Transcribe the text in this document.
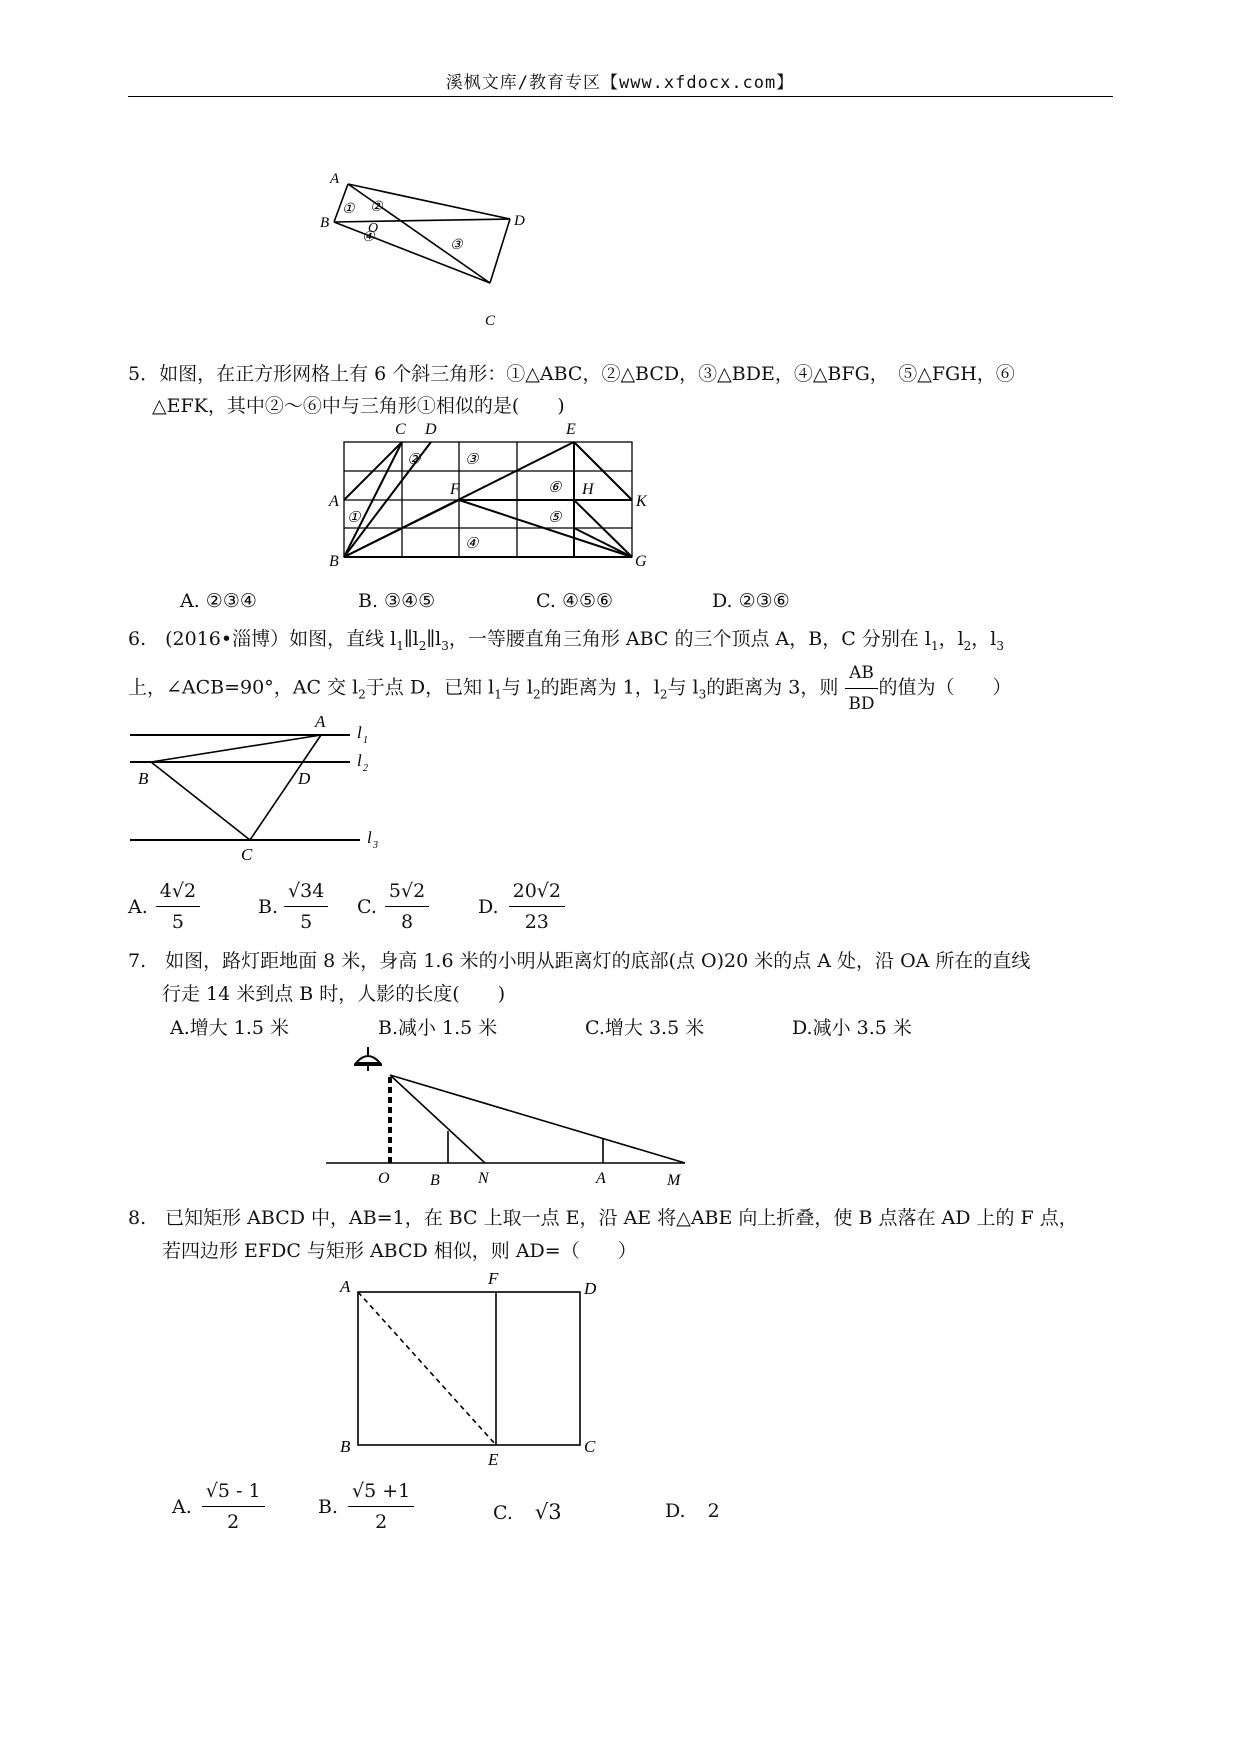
溪枫文库/教育专区【www.xfdocx.com】
A
B
C
D
O
① ②
③
④
5．如图，在正方形网格上有 6 个斜三角形：①△ABC，②△BCD，③△BDE，④△BFG，　⑤△FGH，⑥
△EFK，其中②～⑥中与三角形①相似的是(　　)
C D	E
A
B
F
G
H
K
①
②	③
④
⑤
⑥
A. ②③④	B. ③④⑤	C. ④⑤⑥	D. ②③⑥
6.　(2016•淄博）如图，直线 $l_1\parallel l_2\parallel l_3$，一等腰直角三角形 ABC 的三个顶点 A，B，C 分别在 $l_1$，$l_2$，$l_3$
上，∠ACB=90°，AC 交 $l_2$于点 D，已知 $l_1$与 $l_2$的距离为 1，$l_2$与 $l_3$的距离为 3，则 $\frac{AB}{BD}$ 的值为（　　）
A
B
C
D
l 1
l 2
l 3
A. $\frac{4√2}{5}$	B. $\frac{√34}{5} C$. $\frac{5√2}{8}$	D. $\frac{20√2}{23}$
7.　如图，路灯距地面 8 米，身高 1.6 米的小明从距离灯的底部(点 O)20 米的点 A 处，沿 OA 所在的直线
行走 14 米到点 B 时，人影的长度(　　)
A.增大 1.5 米	B.减小 1.5 米	C.增大 3.5 米	D.减小 3.5 米
O	B N	A	M
8.　已知矩形 ABCD 中，AB=1，在 BC 上取一点 E，沿 AE 将△ABE 向上折叠，使 B 点落在 AD 上的 F 点，
若四边形 EFDC 与矩形 ABCD 相似，则 AD=（　　）
A	F
D
B
E
C
A. $\frac{√5 - 1}{2}$	B. $\frac{√5 +1}{2}$	C. √3	D. 2
